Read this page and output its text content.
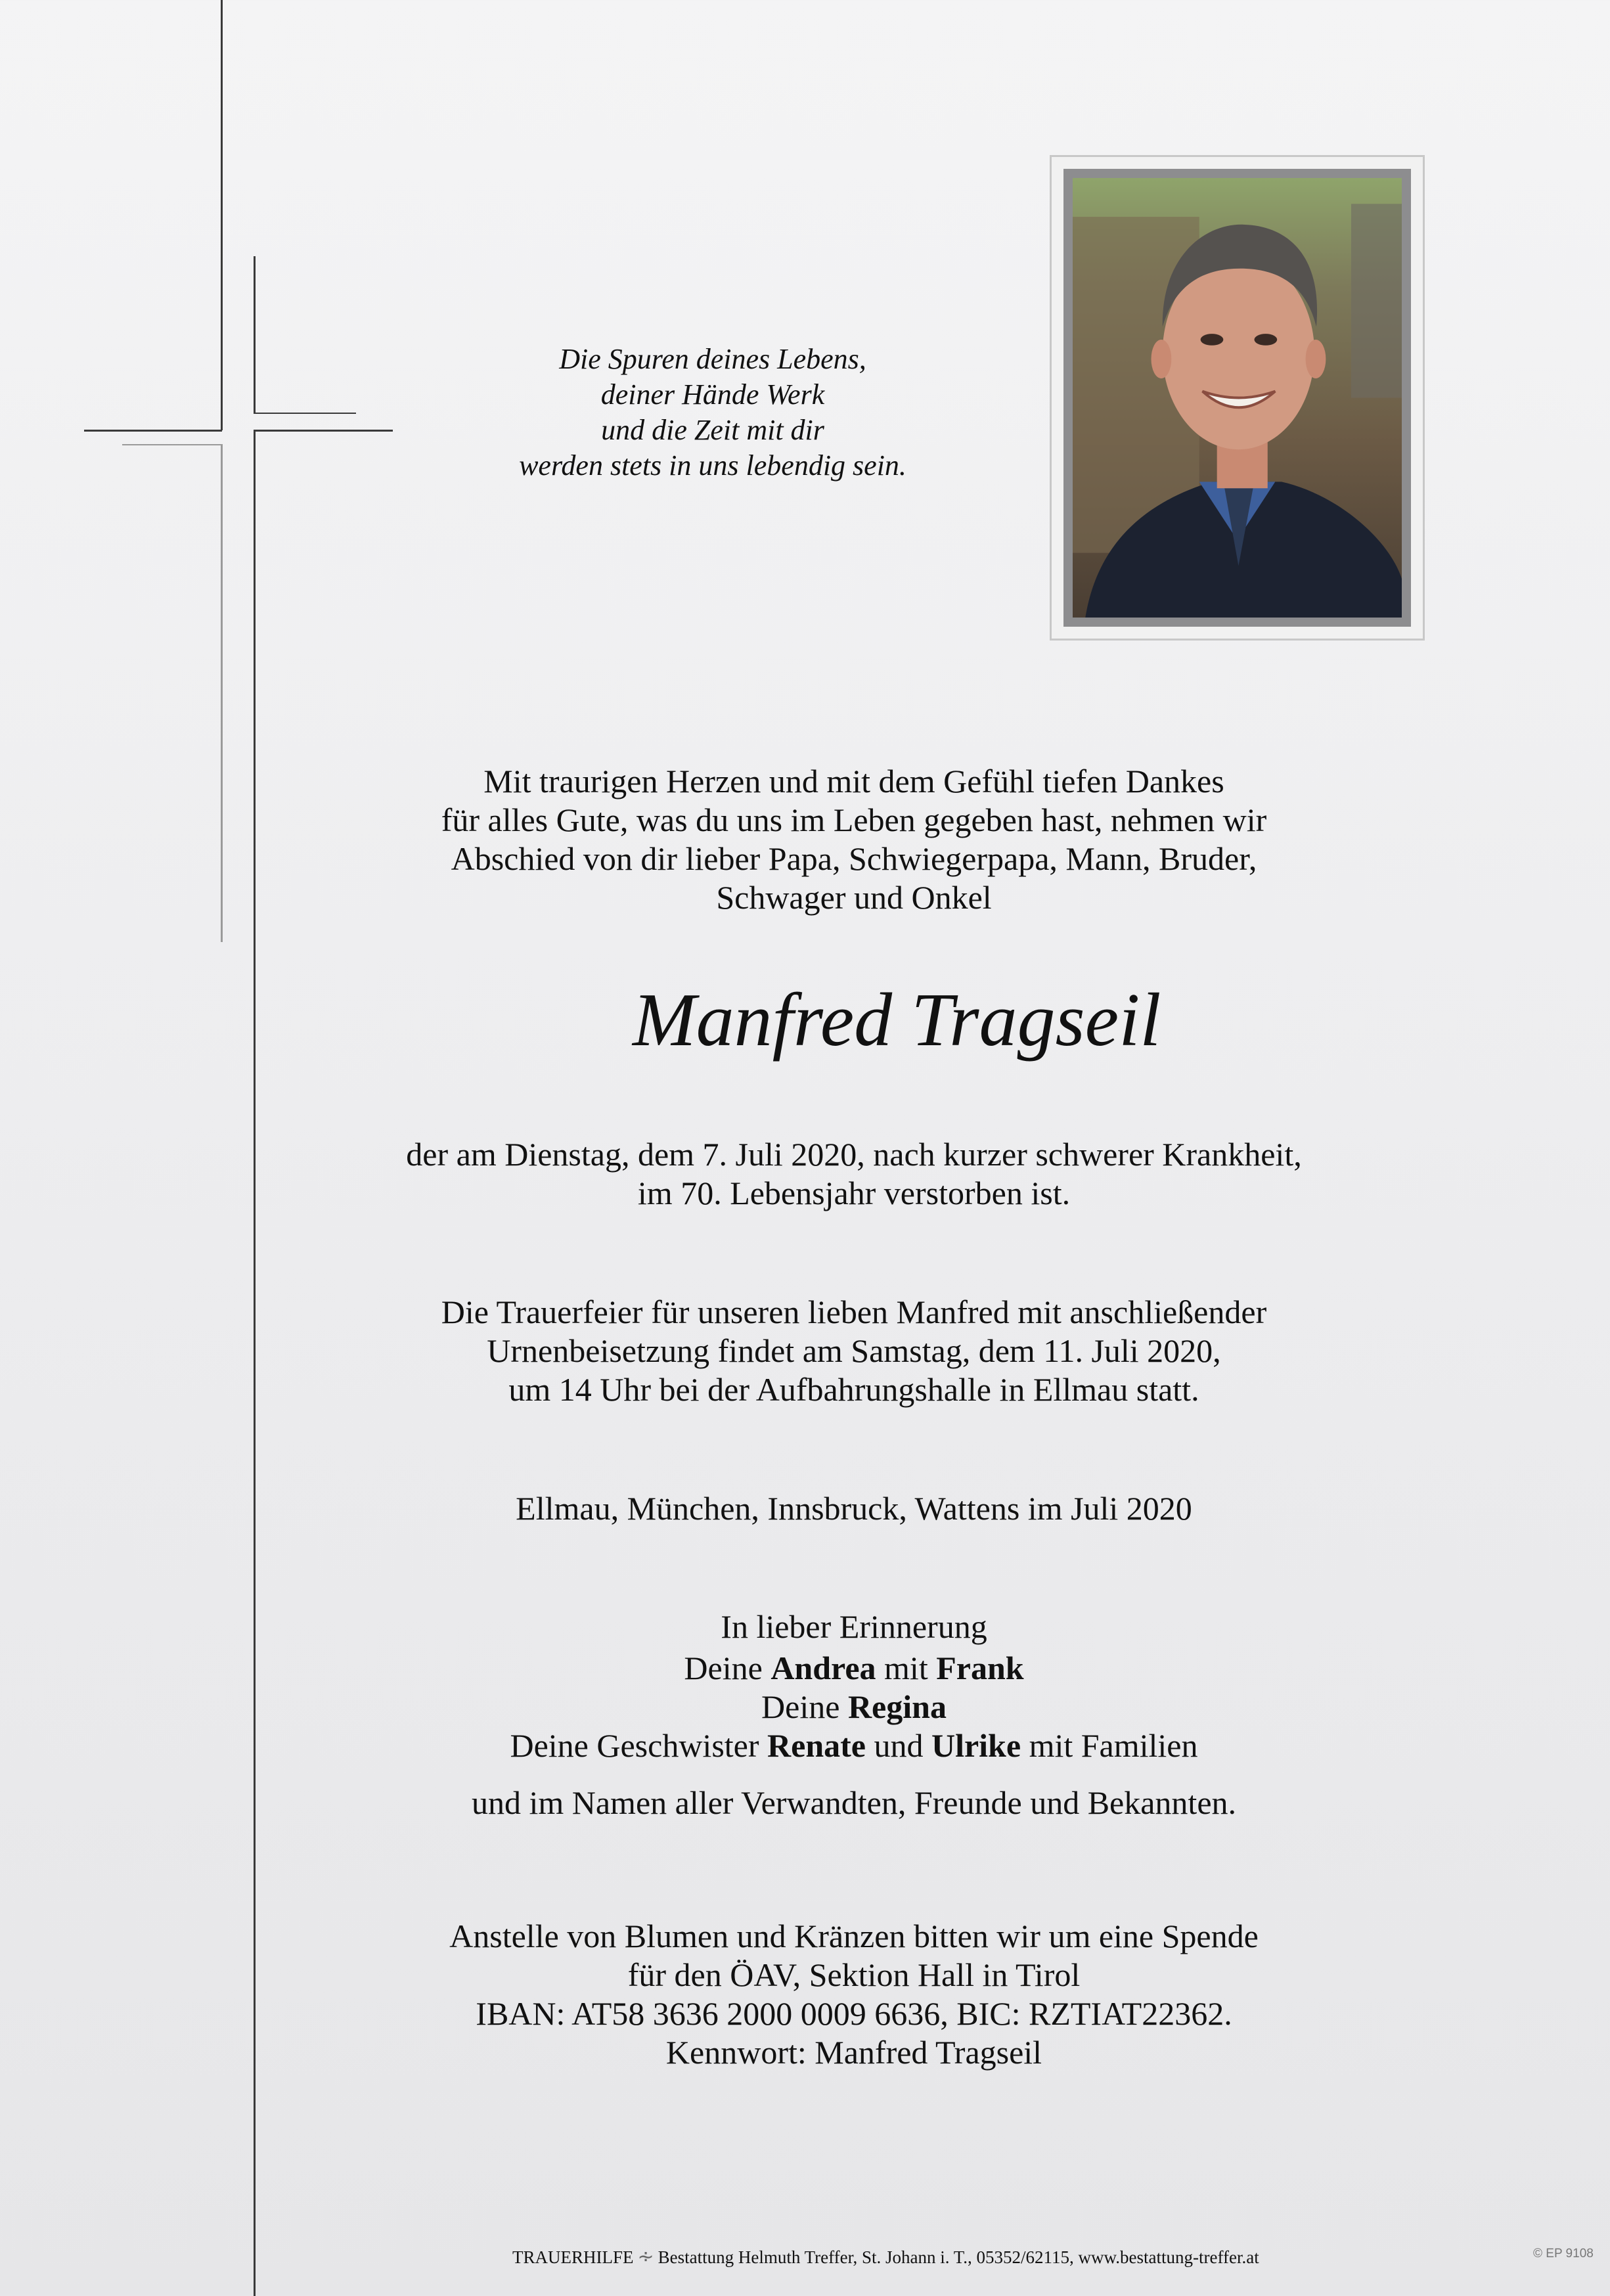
Die Spuren deines Lebens,
deiner Hände Werk
und die Zeit mit dir
werden stets in uns lebendig sein.
Mit traurigen Herzen und mit dem Gefühl tiefen Dankes
für alles Gute, was du uns im Leben gegeben hast, nehmen wir
Abschied von dir lieber Papa, Schwiegerpapa, Mann, Bruder,
Schwager und Onkel
Manfred Tragseil
der am Dienstag, dem 7. Juli 2020, nach kurzer schwerer Krankheit,
im 70. Lebensjahr verstorben ist.
Die Trauerfeier für unseren lieben Manfred mit anschließender
Urnenbeisetzung findet am Samstag, dem 11. Juli 2020,
um 14 Uhr bei der Aufbahrungshalle in Ellmau statt.
Ellmau, München, Innsbruck, Wattens im Juli 2020
In lieber Erinnerung
Deine Andrea mit Frank
Deine Regina
Deine Geschwister Renate und Ulrike mit Familien
und im Namen aller Verwandten, Freunde und Bekannten.
Anstelle von Blumen und Kränzen bitten wir um eine Spende
für den ÖAV, Sektion Hall in Tirol
IBAN: AT58 3636 2000 0009 6636, BIC: RZTIAT22362.
Kennwort: Manfred Tragseil
TRAUERHILFE ∻ Bestattung Helmuth Treffer, St. Johann i. T., 05352/62115, www.bestattung-treffer.at	© EP 9108
